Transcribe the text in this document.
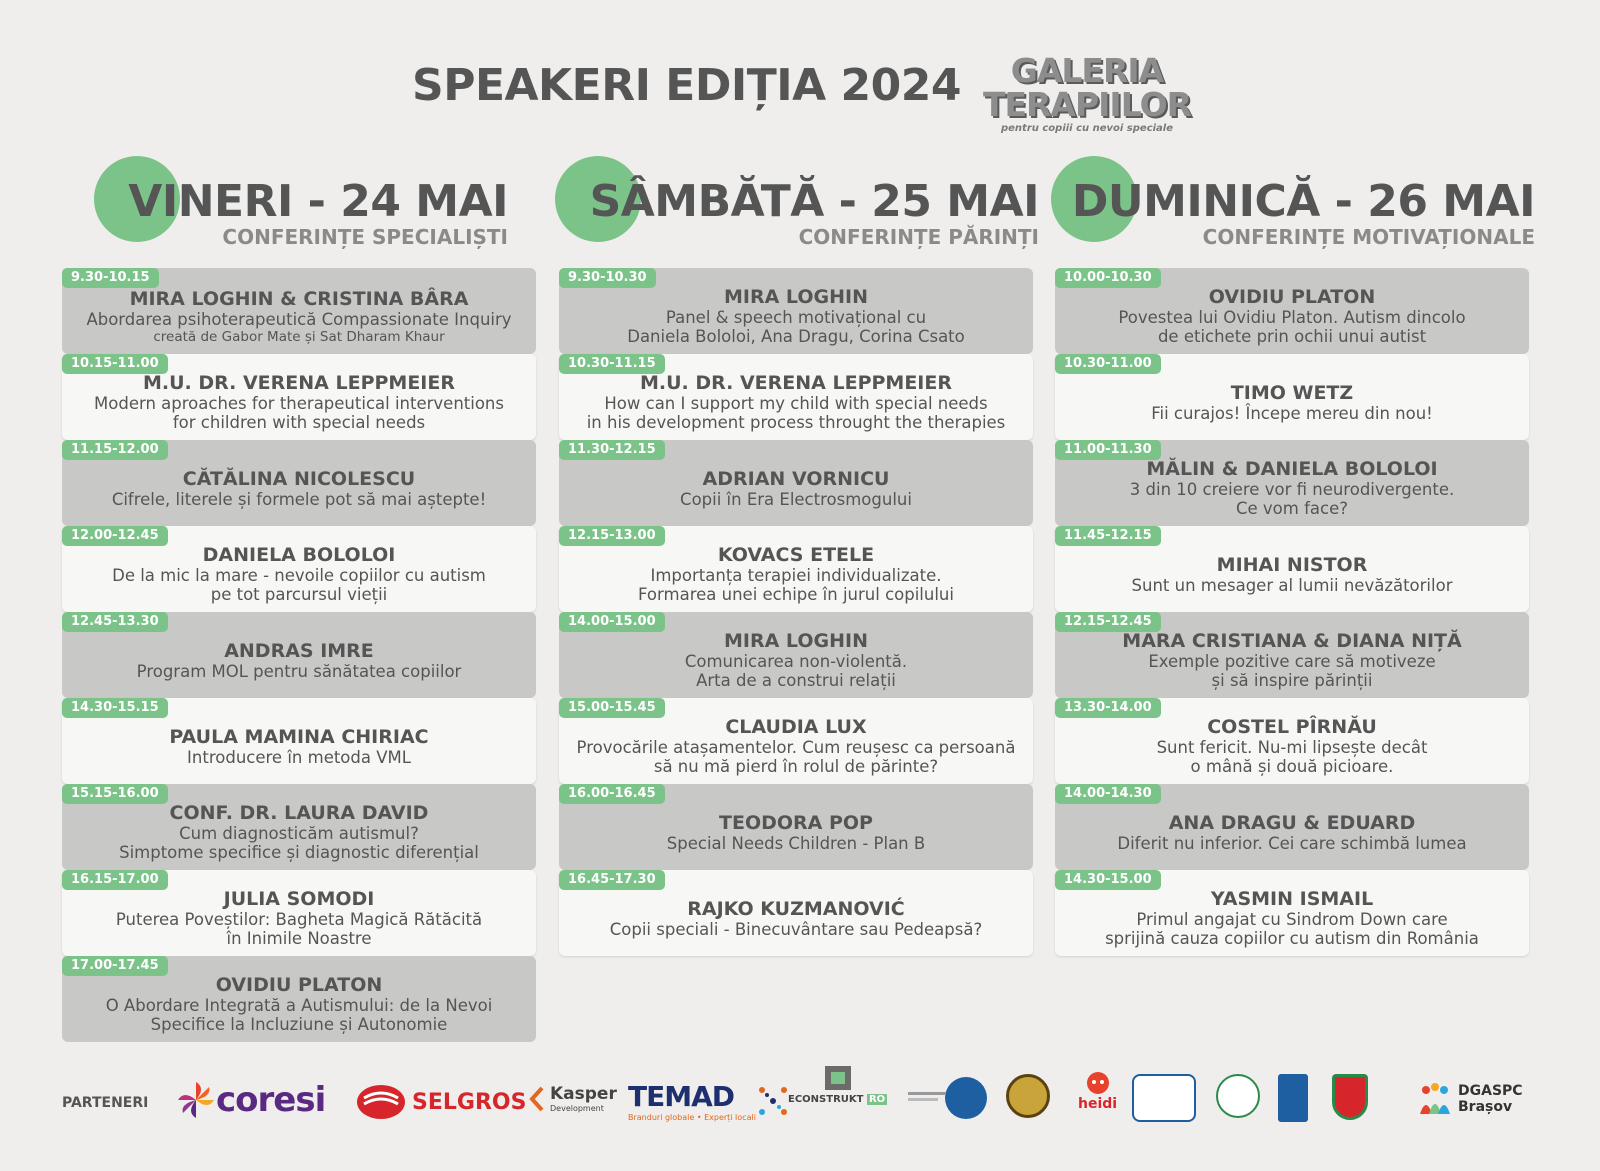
SPEAKERI EDIȚIA 2024	GALERIA
TERAPIILOR
pentru copiii cu nevoi speciale
VINERI - 24 MAI
CONFERINȚE SPECIALIȘTI
9.30-10.15
MIRA LOGHIN & CRISTINA BÂRA
Abordarea psihoterapeutică Compassionate Inquiry
creată de Gabor Mate și Sat Dharam Khaur
10.15-11.00
M.U. DR. VERENA LEPPMEIER
Modern aproaches for therapeutical interventions
for children with special needs
11.15-12.00
CĂTĂLINA NICOLESCU
Cifrele, literele și formele pot să mai aștepte!
12.00-12.45
DANIELA BOLOLOI
De la mic la mare - nevoile copiilor cu autism
pe tot parcursul vieții
12.45-13.30
ANDRAS IMRE
Program MOL pentru sănătatea copiilor
14.30-15.15
PAULA MAMINA CHIRIAC
Introducere în metoda VML
15.15-16.00
CONF. DR. LAURA DAVID
Cum diagnosticăm autismul?
Simptome specifice și diagnostic diferențial
16.15-17.00
JULIA SOMODI
Puterea Poveștilor: Bagheta Magică Rătăcită
în Inimile Noastre
17.00-17.45
OVIDIU PLATON
O Abordare Integrată a Autismului: de la Nevoi
Specifice la Incluziune și Autonomie
SÂMBĂTĂ - 25 MAI
CONFERINȚE PĂRINȚI
9.30-10.30
MIRA LOGHIN
Panel & speech motivațional cu
Daniela Bololoi, Ana Dragu, Corina Csato
10.30-11.15
M.U. DR. VERENA LEPPMEIER
How can I support my child with special needs
in his development process throught the therapies
11.30-12.15
ADRIAN VORNICU
Copii în Era Electrosmogului
12.15-13.00
KOVACS ETELE
Importanța terapiei individualizate.
Formarea unei echipe în jurul copilului
14.00-15.00
MIRA LOGHIN
Comunicarea non-violentă.
Arta de a construi relații
15.00-15.45
CLAUDIA LUX
Provocările atașamentelor. Cum reușesc ca persoană
să nu mă pierd în rolul de părinte?
16.00-16.45
TEODORA POP
Special Needs Children - Plan B
16.45-17.30
RAJKO KUZMANOVIĆ
Copii speciali - Binecuvântare sau Pedeapsă?
DUMINICĂ - 26 MAI
CONFERINȚE MOTIVAȚIONALE
10.00-10.30
OVIDIU PLATON
Povestea lui Ovidiu Platon. Autism dincolo
de etichete prin ochii unui autist
10.30-11.00
TIMO WETZ
Fii curajos! Începe mereu din nou!
11.00-11.30
MĂLIN & DANIELA BOLOLOI
3 din 10 creiere vor fi neurodivergente.
Ce vom face?
11.45-12.15
MIHAI NISTOR
Sunt un mesager al lumii nevăzătorilor
12.15-12.45
MARA CRISTIANA & DIANA NIȚĂ
Exemple pozitive care să motiveze
și să inspire părinții
13.30-14.00
COSTEL PÎRNĂU
Sunt fericit. Nu-mi lipsește decât
o mână și două picioare.
14.00-14.30
ANA DRAGU & EDUARD
Diferit nu inferior. Cei care schimbă lumea
14.30-15.00
YASMIN ISMAIL
Primul angajat cu Sindrom Down care
sprijină cauza copiilor cu autism din România
PARTENERI coresi	SELGROS Kasper
Development TEMAD
Branduri globale • Experți locali
ECONSTRUKT RO	heidi
DGASPC
Brașov
